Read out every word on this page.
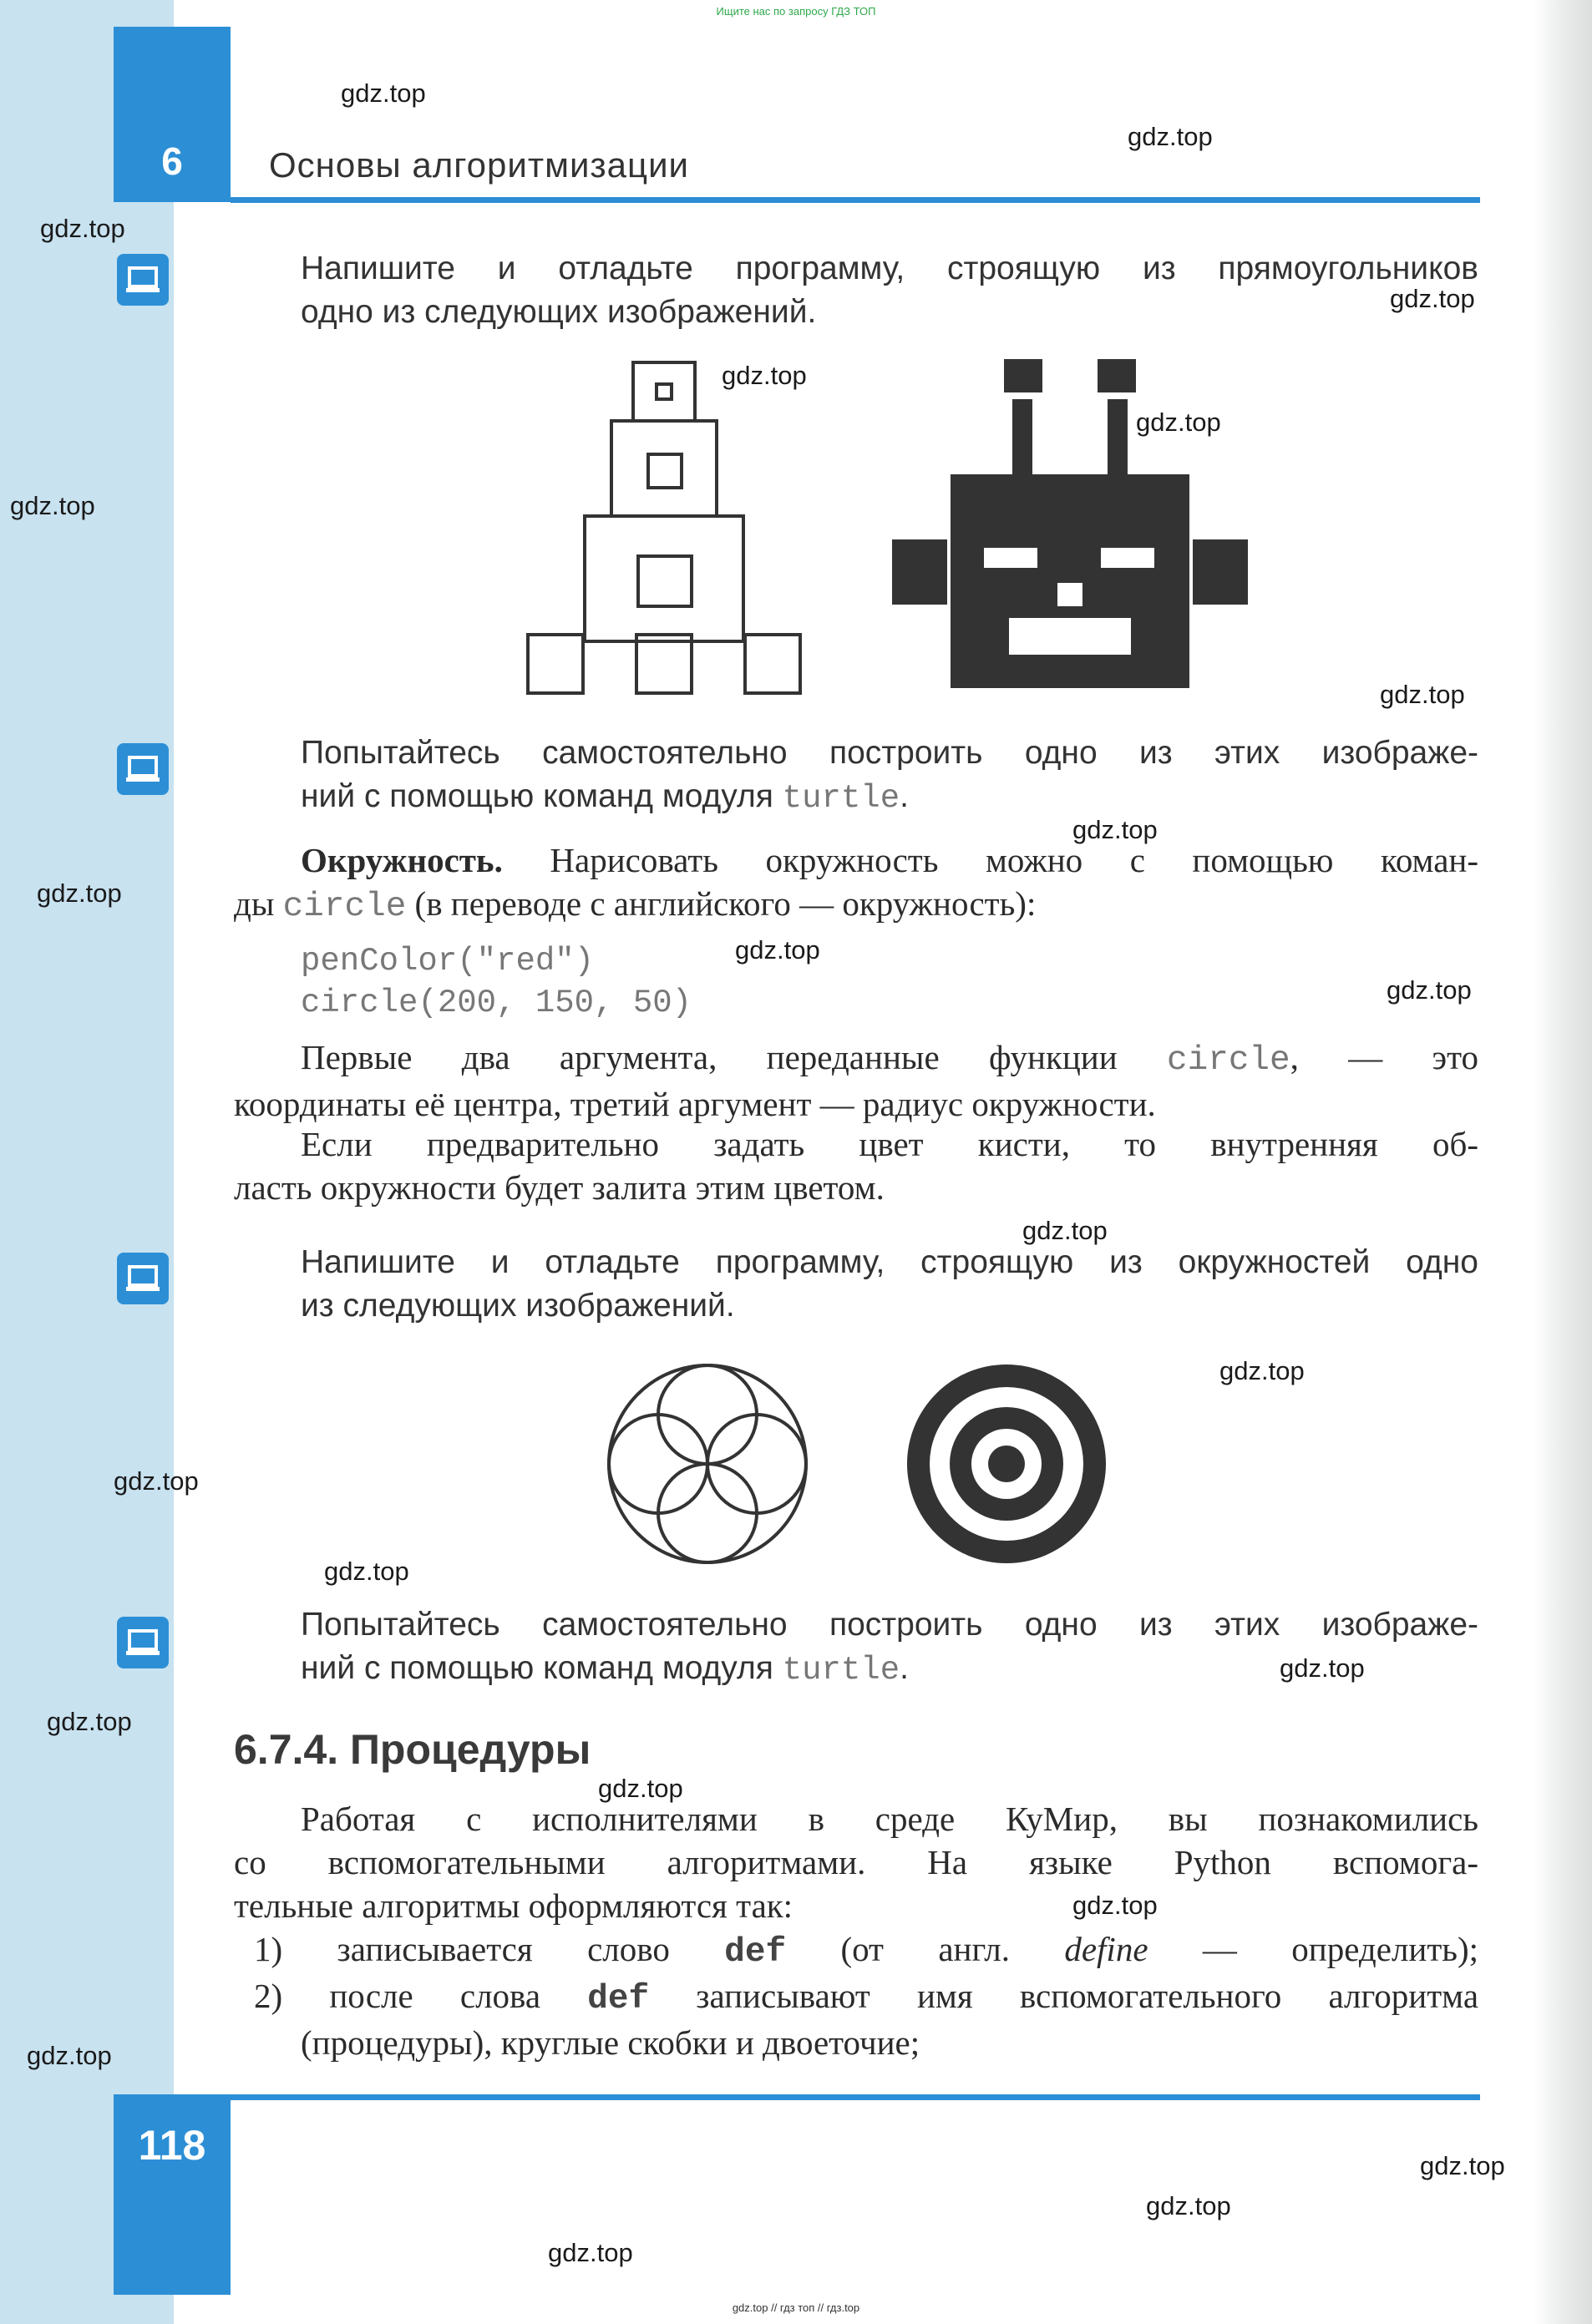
Ищите нас по запросу ГДЗ ТОП
6	Основы алгоритмизации
Напишите и отладьте программу, строящую из прямоугольников
одно из следующих изображений.
Попытайтесь самостоятельно построить одно из этих изображе-
ний с помощью команд модуля turtle.
Окружность. Нарисовать окружность можно с помощью коман-
ды circle (в переводе с английского — окружность):
penColor("red")
circle(200, 150, 50)
Первые два аргумента, переданные функции circle, — это
координаты её центра, третий аргумент — радиус окружности.
Если предварительно задать цвет кисти, то внутренняя об-
ласть окружности будет залита этим цветом.
Напишите и отладьте программу, строящую из окружностей одно
из следующих изображений.
Попытайтесь самостоятельно построить одно из этих изображе-
ний с помощью команд модуля turtle.
6.7.4. Процедуры
Работая с исполнителями в среде КуМир, вы познакомились
со вспомогательными алгоритмами. На языке Python вспомога-
тельные алгоритмы оформляются так:
1) записывается слово def (от англ. define — определить);
2) после слова def записывают имя вспомогательного алгоритма
(процедуры), круглые скобки и двоеточие;
118
gdz.top
gdz.top
gdz.top
gdz.top
gdz.top
gdz.top
gdz.top
gdz.top
gdz.top
gdz.top
gdz.top
gdz.top
gdz.top
gdz.top
gdz.top
gdz.top
gdz.top
gdz.top
gdz.top
gdz.top
gdz.top
gdz.top
gdz.top
gdz.top
gdz.top // гдз топ // гдз.top
